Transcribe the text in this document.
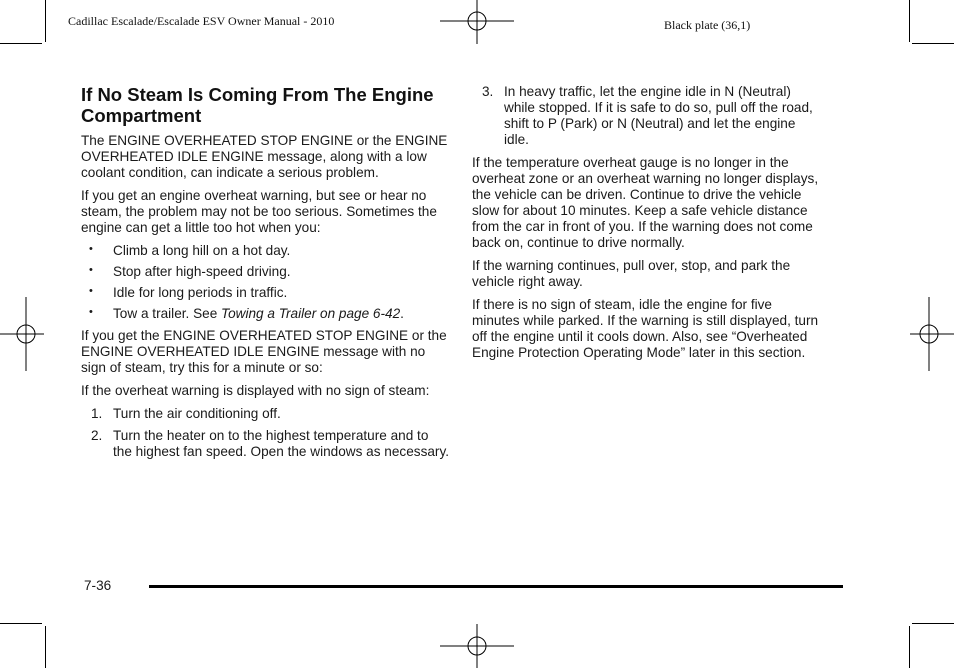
Cadillac Escalade/Escalade ESV Owner Manual - 2010	Black plate (36,1)
If No Steam Is Coming From The Engine Compartment

The ENGINE OVERHEATED STOP ENGINE or the ENGINE OVERHEATED IDLE ENGINE message, along with a low coolant condition, can indicate a serious problem.

If you get an engine overheat warning, but see or hear no steam, the problem may not be too serious. Sometimes the engine can get a little too hot when you:

• Climb a long hill on a hot day.
• Stop after high-speed driving.
• Idle for long periods in traffic.
• Tow a trailer. See Towing a Trailer on page 6-42.

If you get the ENGINE OVERHEATED STOP ENGINE or the ENGINE OVERHEATED IDLE ENGINE message with no sign of steam, try this for a minute or so:

If the overheat warning is displayed with no sign of steam:

1. Turn the air conditioning off.
2. Turn the heater on to the highest temperature and to the highest fan speed. Open the windows as necessary.
3. In heavy traffic, let the engine idle in N (Neutral) while stopped. If it is safe to do so, pull off the road, shift to P (Park) or N (Neutral) and let the engine idle.

If the temperature overheat gauge is no longer in the overheat zone or an overheat warning no longer displays, the vehicle can be driven. Continue to drive the vehicle slow for about 10 minutes. Keep a safe vehicle distance from the car in front of you. If the warning does not come back on, continue to drive normally.

If the warning continues, pull over, stop, and park the vehicle right away.

If there is no sign of steam, idle the engine for five minutes while parked. If the warning is still displayed, turn off the engine until it cools down. Also, see “Overheated Engine Protection Operating Mode” later in this section.

7-36
